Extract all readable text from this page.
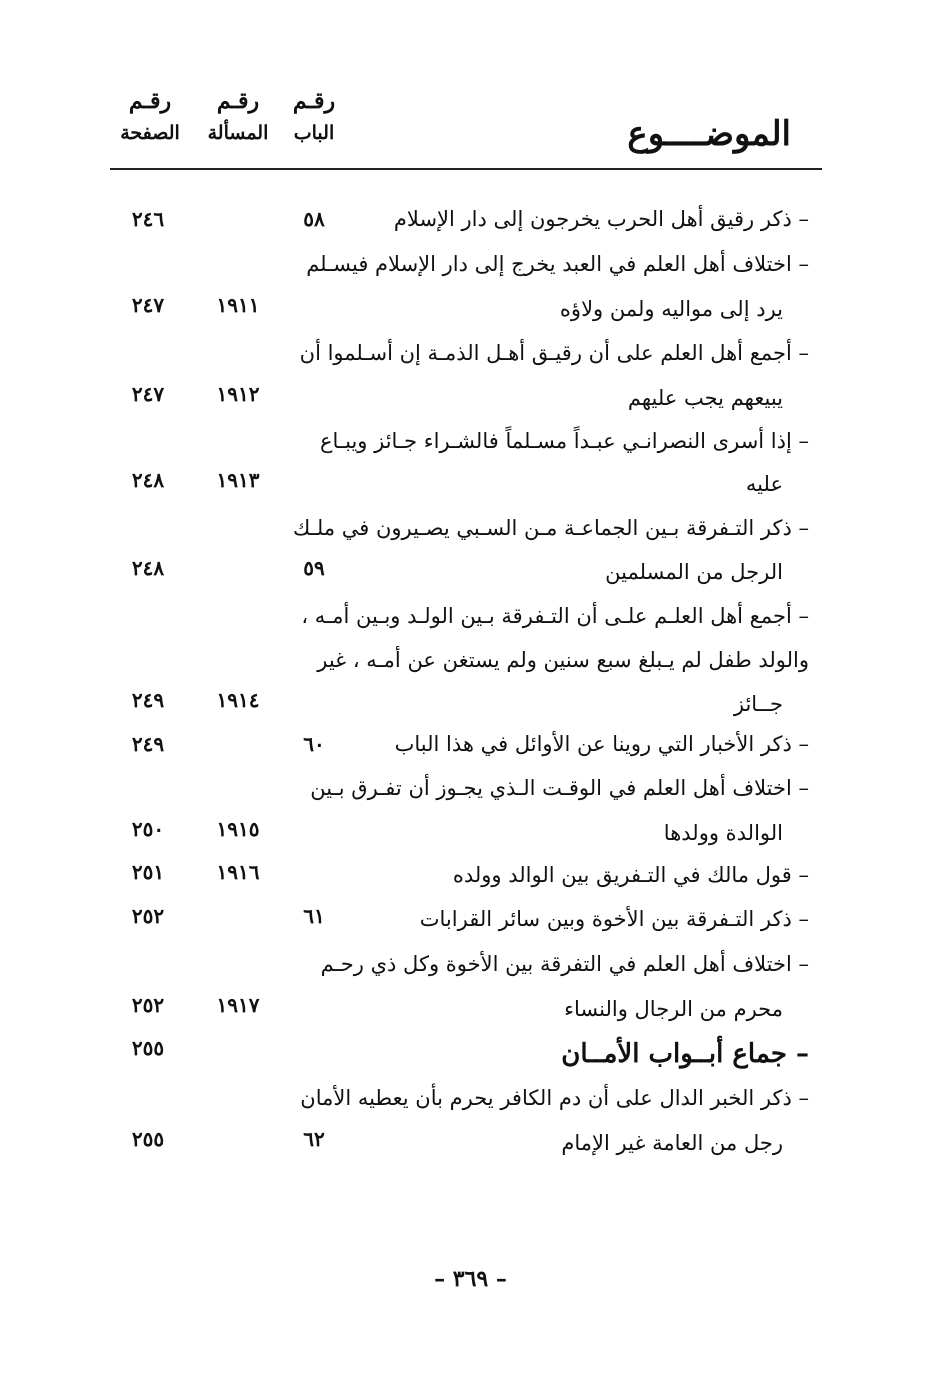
رقـم
الصفحة
رقـم
المسألة
رقـم
الباب	الموضــــوع
– ذكر رقيق أهل الحرب يخرجون إلى دار الإسلام
٥٨
٢٤٦
– اختلاف أهل العلم في العبد يخرج إلى دار الإسلام فيسـلم
يرد إلى مواليه ولمن ولاؤه
١٩١١
٢٤٧
– أجمع أهل العلم على أن رقيـق أهـل الذمـة إن أسـلموا أن
يبيعهم يجب عليهم
١٩١٢
٢٤٧
– إذا أسرى النصرانـي عبـداً مسـلماً فالشـراء جـائز ويبـاع
عليه
١٩١٣
٢٤٨
– ذكر التـفرقة بـين الجماعـة مـن السـبي يصـيرون في ملـك
الرجل من المسلمين
٥٩
٢٤٨
– أجمع أهل العلـم علـى أن التـفرقة بـين الولـد وبـين أمـه ،
والولد طفل لم يـبلغ سبع سنين ولم يستغن عن أمـه ، غير
جــائز
١٩١٤
٢٤٩
– ذكر الأخبار التي روينا عن الأوائل في هذا الباب
٦٠
٢٤٩
– اختلاف أهل العلم في الوقـت الـذي يجـوز أن تفـرق بـين
الوالدة وولدها
١٩١٥
٢٥٠
– قول مالك في التـفريق بين الوالد وولده
١٩١٦
٢٥١
– ذكر التـفرقة بين الأخوة وبين سائر القرابات
٦١
٢٥٢
– اختلاف أهل العلم في التفرقة بين الأخوة وكل ذي رحـم
محرم من الرجال والنساء
١٩١٧
٢٥٢
– جماع أبــواب الأمــان
٢٥٥
– ذكر الخبر الدال على أن دم الكافر يحرم بأن يعطيه الأمان
رجل من العامة غير الإمام
٦٢
٢٥٥
– ٣٦٩ –
